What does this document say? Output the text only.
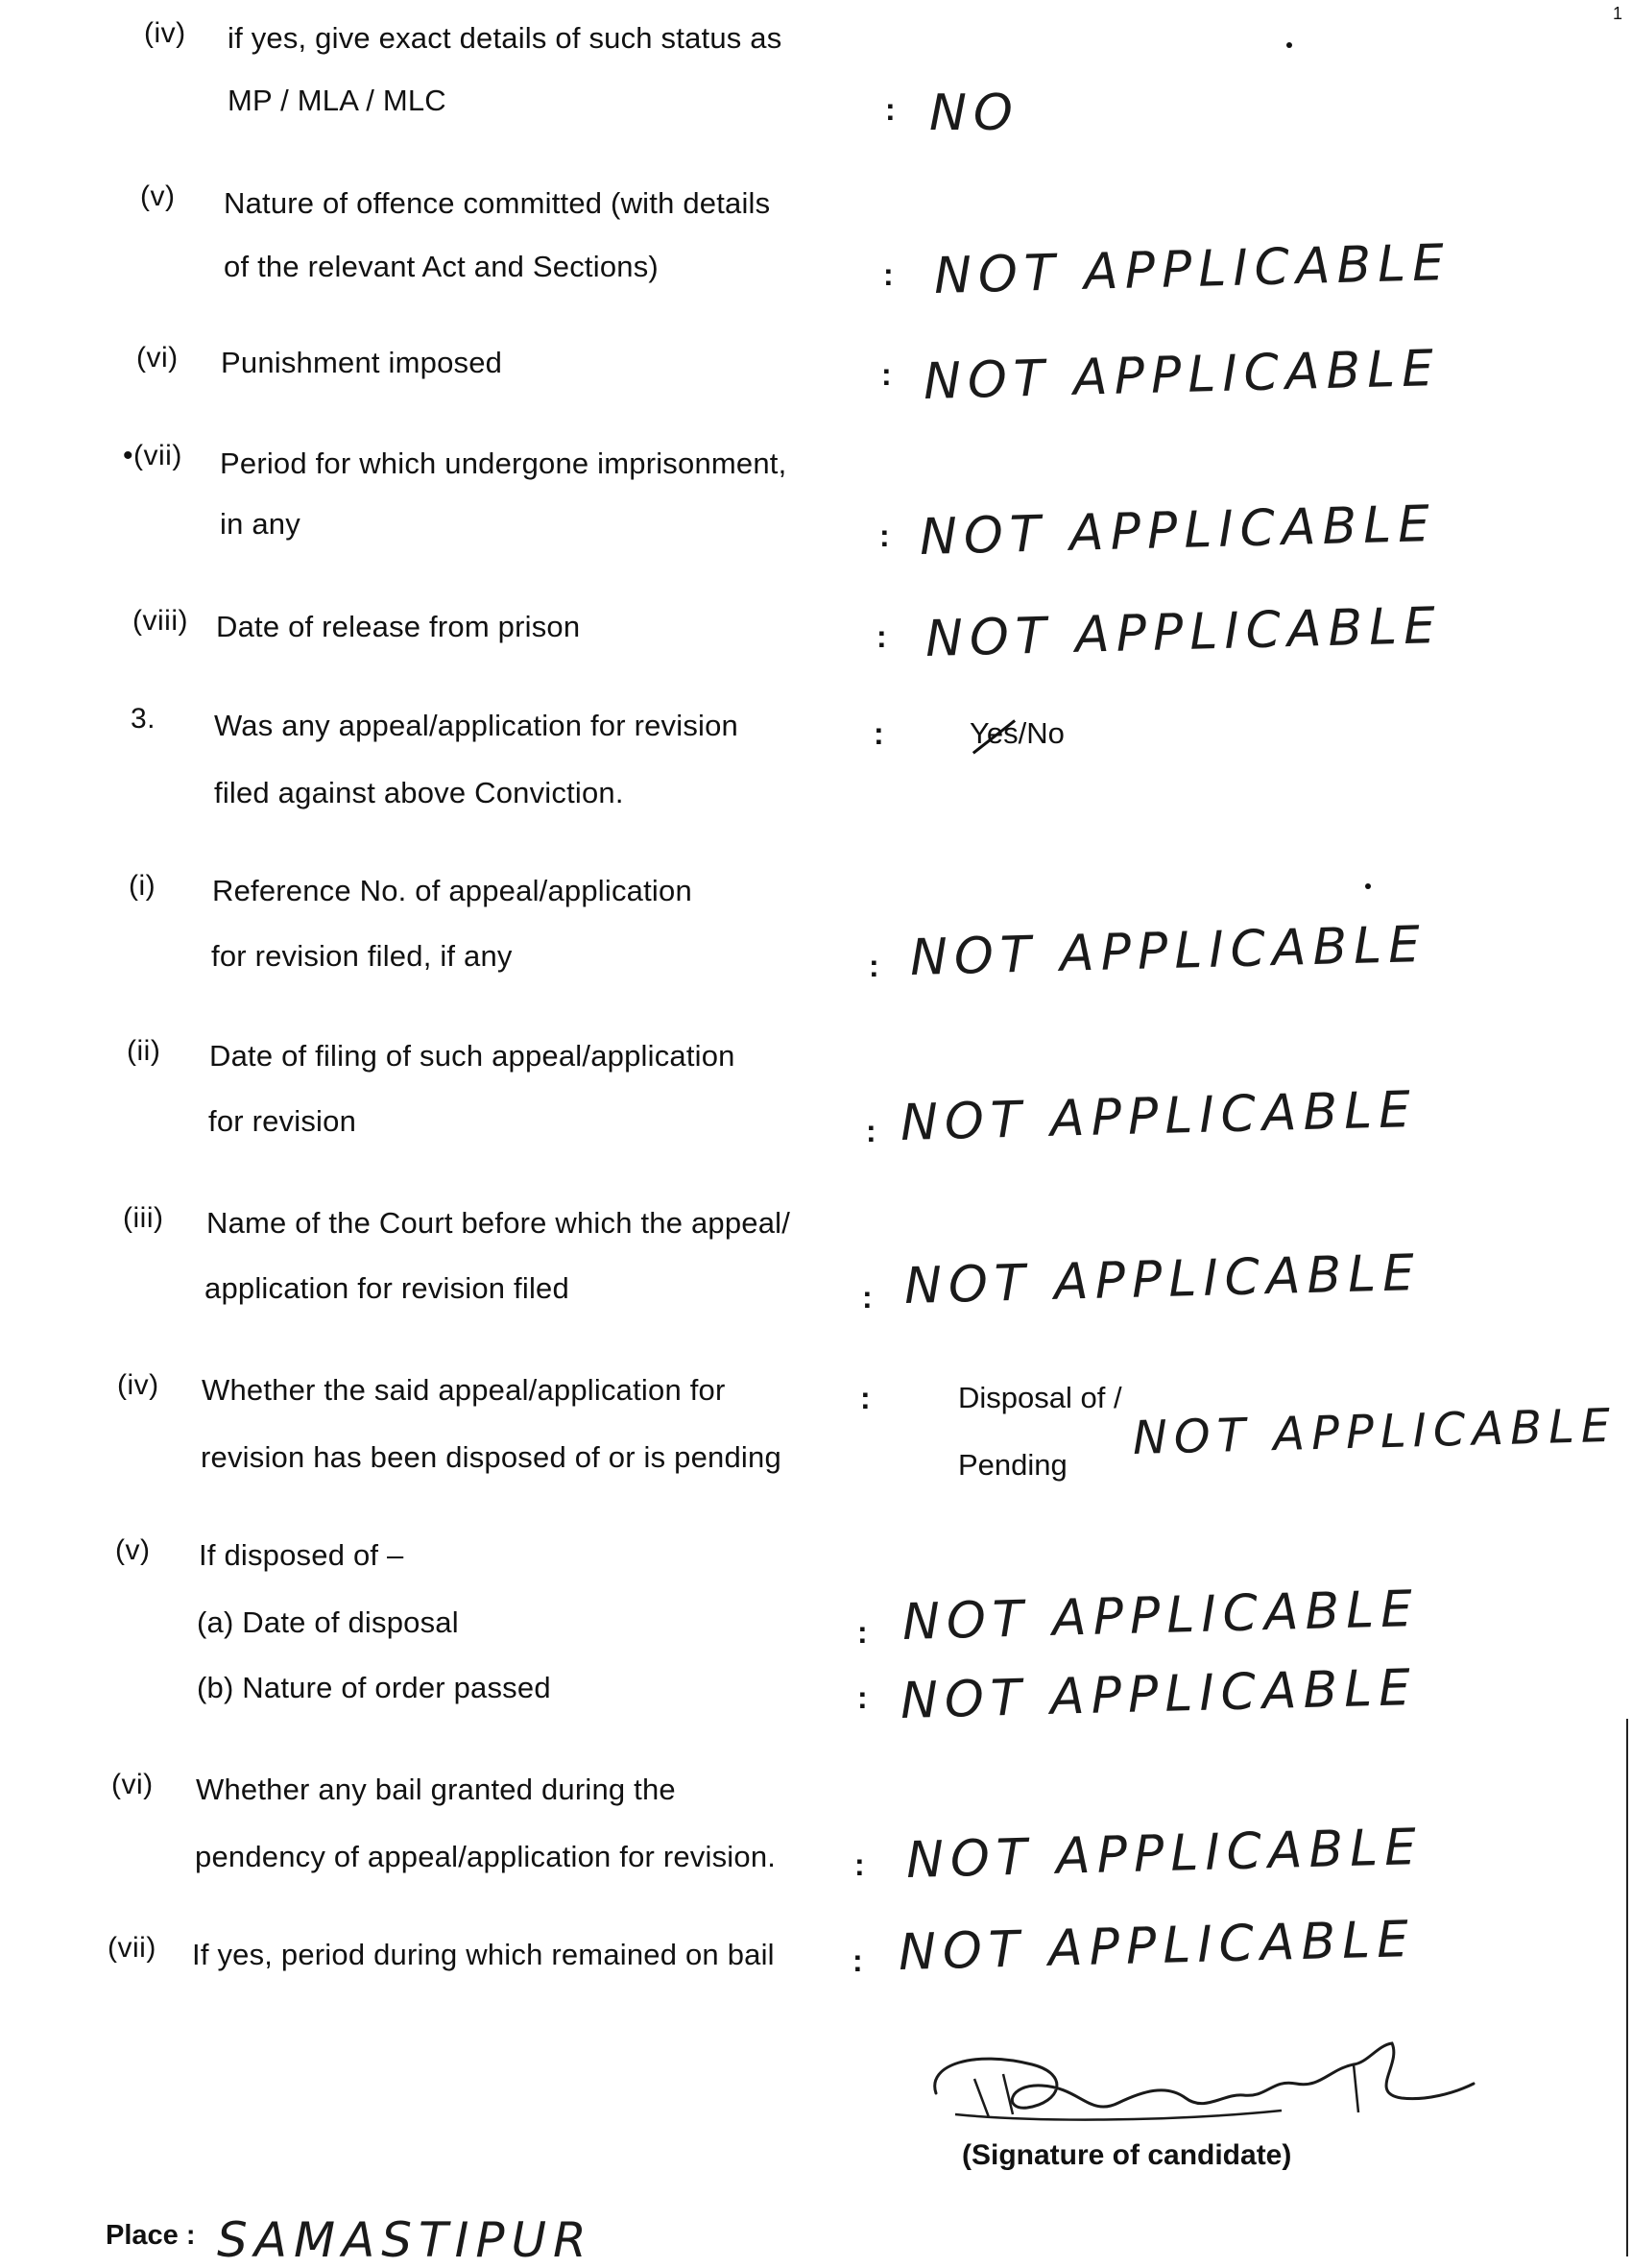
1
(iv) if yes, give exact details of such status as
MP / MLA / MLC	: NO
(v) Nature of offence committed (with details
of the relevant Act and Sections)	: NOT APPLICABLE
(vi) Punishment imposed	: NOT APPLICABLE
•(vii) Period for which undergone imprisonment,
in any	: NOT APPLICABLE
(viii) Date of release from prison	: NOT APPLICABLE
3. Was any appeal/application for revision
filed against above Conviction.
:	Yes/No
(i) Reference No. of appeal/application
for revision filed, if any	: NOT APPLICABLE
(ii) Date of filing of such appeal/application
for revision	: NOT APPLICABLE
(iii) Name of the Court before which the appeal/
application for revision filed	: NOT APPLICABLE
(iv) Whether the said appeal/application for
revision has been disposed of or is pending
:	Disposal of /
Pending NOT APPLICABLE
(v) If disposed of –
(a) Date of disposal	: NOT APPLICABLE
(b) Nature of order passed	: NOT APPLICABLE
(vi) Whether any bail granted during the
pendency of appeal/application for revision.	: NOT APPLICABLE
(vii) If yes, period during which remained on bail	: NOT APPLICABLE
(Signature of candidate)
Place : SAMASTIPUR
